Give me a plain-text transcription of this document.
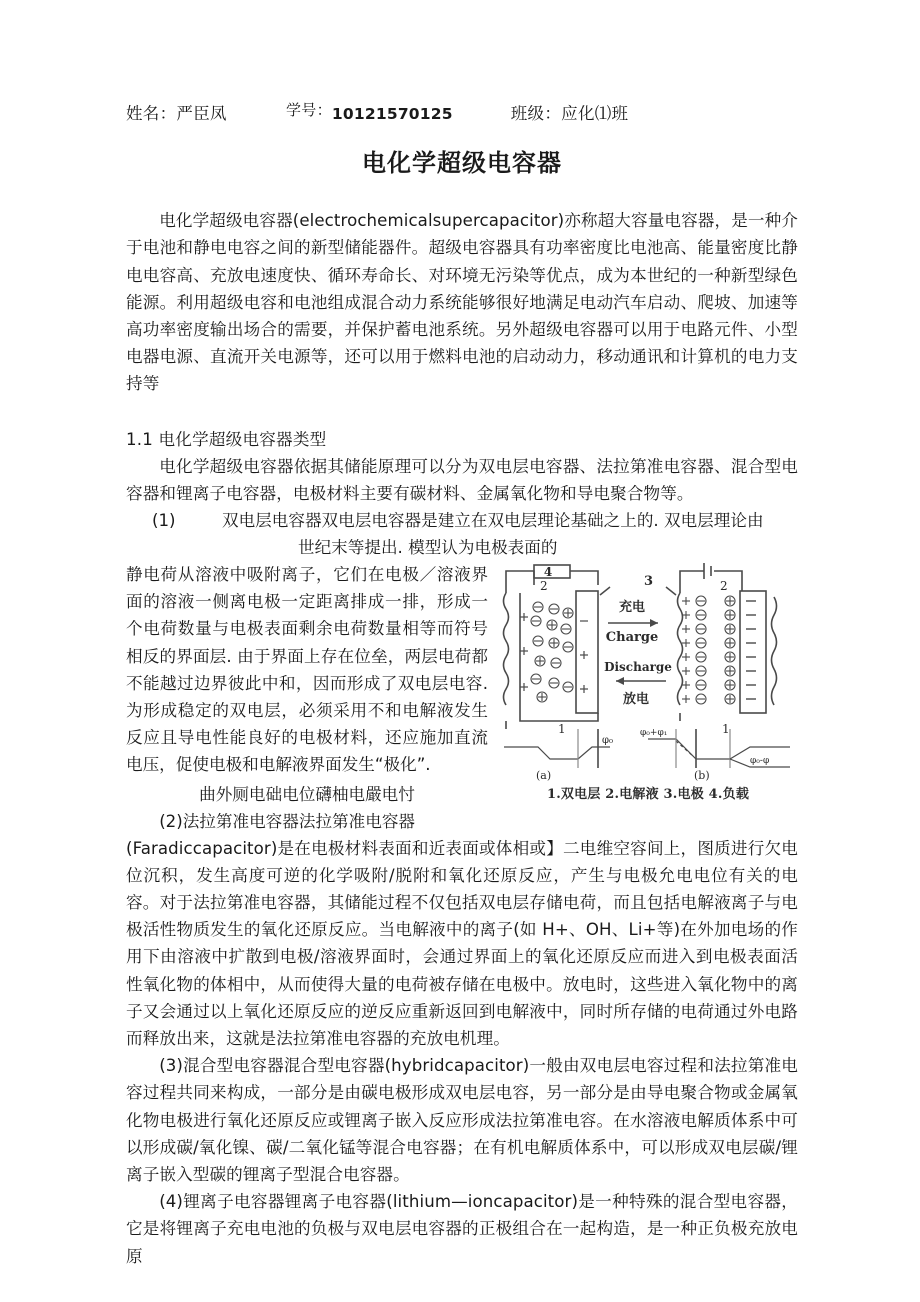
姓名：严臣凤	学号：10121570125	班级：应化⑴班
电化学超级电容器

电化学超级电容器(electrochemicalsupercapacitor)亦称超大容量电容器，是一种介于电池和静电电容之间的新型储能器件。超级电容器具有功率密度比电池高、能量密度比静电电容高、充放电速度快、循环寿命长、对环境无污染等优点，成为本世纪的一种新型绿色能源。利用超级电容和电池组成混合动力系统能够很好地满足电动汽车启动、爬坡、加速等高功率密度输出场合的需要，并保护蓄电池系统。另外超级电容器可以用于电路元件、小型电器电源、直流开关电源等，还可以用于燃料电池的启动动力，移动通讯和计算机的电力支持等

1.1 电化学超级电容器类型

电化学超级电容器依据其储能原理可以分为双电层电容器、法拉第准电容器、混合型电容器和锂离子电容器，电极材料主要有碳材料、金属氧化物和导电聚合物等。

(1)	双电层电容器双电层电容器是建立在双电层理论基础之上的. 双电层理论由
世纪末等提出. 模型认为电极表面的
4
2	3
1
2
1
(a)	(b)
φ₀
φ₀+φ₁
φ₀-φ
充电
Charge
Discharge
放电
1.双电层 2.电解液 3.电极 4.负载

静电荷从溶液中吸附离子，它们在电极／溶液界面的溶液一侧离电极一定距离排成一排，形成一个电荷数量与电极表面剩余电荷数量相等而符号相反的界面层. 由于界面上存在位垒，两层电荷都不能越过边界彼此中和，因而形成了双电层电容. 为形成稳定的双电层，必须采用不和电解液发生反应且导电性能良好的电极材料，还应施加直流电压，促使电极和电解液界面发生“极化”.

曲外厕电础电位礴柚电嚴电忖
(2)法拉第准电容器法拉第准电容器

(Faradiccapacitor)是在电极材料表面和近表面或体相或】二电维空容间上，图质进行欠电位沉积，发生高度可逆的化学吸附/脱附和氧化还原反应，产生与电极允电电位有关的电容。对于法拉第准电容器，其储能过程不仅包括双电层存储电荷，而且包括电解液离子与电极活性物质发生的氧化还原反应。当电解液中的离子(如 H+、OH、Li+等)在外加电场的作用下由溶液中扩散到电极/溶液界面时，会通过界面上的氧化还原反应而进入到电极表面活性氧化物的体相中，从而使得大量的电荷被存储在电极中。放电时，这些进入氧化物中的离子又会通过以上氧化还原反应的逆反应重新返回到电解液中，同时所存储的电荷通过外电路而释放出来，这就是法拉第准电容器的充放电机理。

(3)混合型电容器混合型电容器(hybridcapacitor)一般由双电层电容过程和法拉第准电容过程共同来构成，一部分是由碳电极形成双电层电容，另一部分是由导电聚合物或金属氧化物电极进行氧化还原反应或锂离子嵌入反应形成法拉第准电容。在水溶液电解质体系中可以形成碳/氧化镍、碳/二氧化锰等混合电容器；在有机电解质体系中，可以形成双电层碳/锂离子嵌入型碳的锂离子型混合电容器。

(4)锂离子电容器锂离子电容器(lithium—ioncapacitor)是一种特殊的混合型电容器，它是将锂离子充电电池的负极与双电层电容器的正极组合在一起构造，是一种正负极充放电原
